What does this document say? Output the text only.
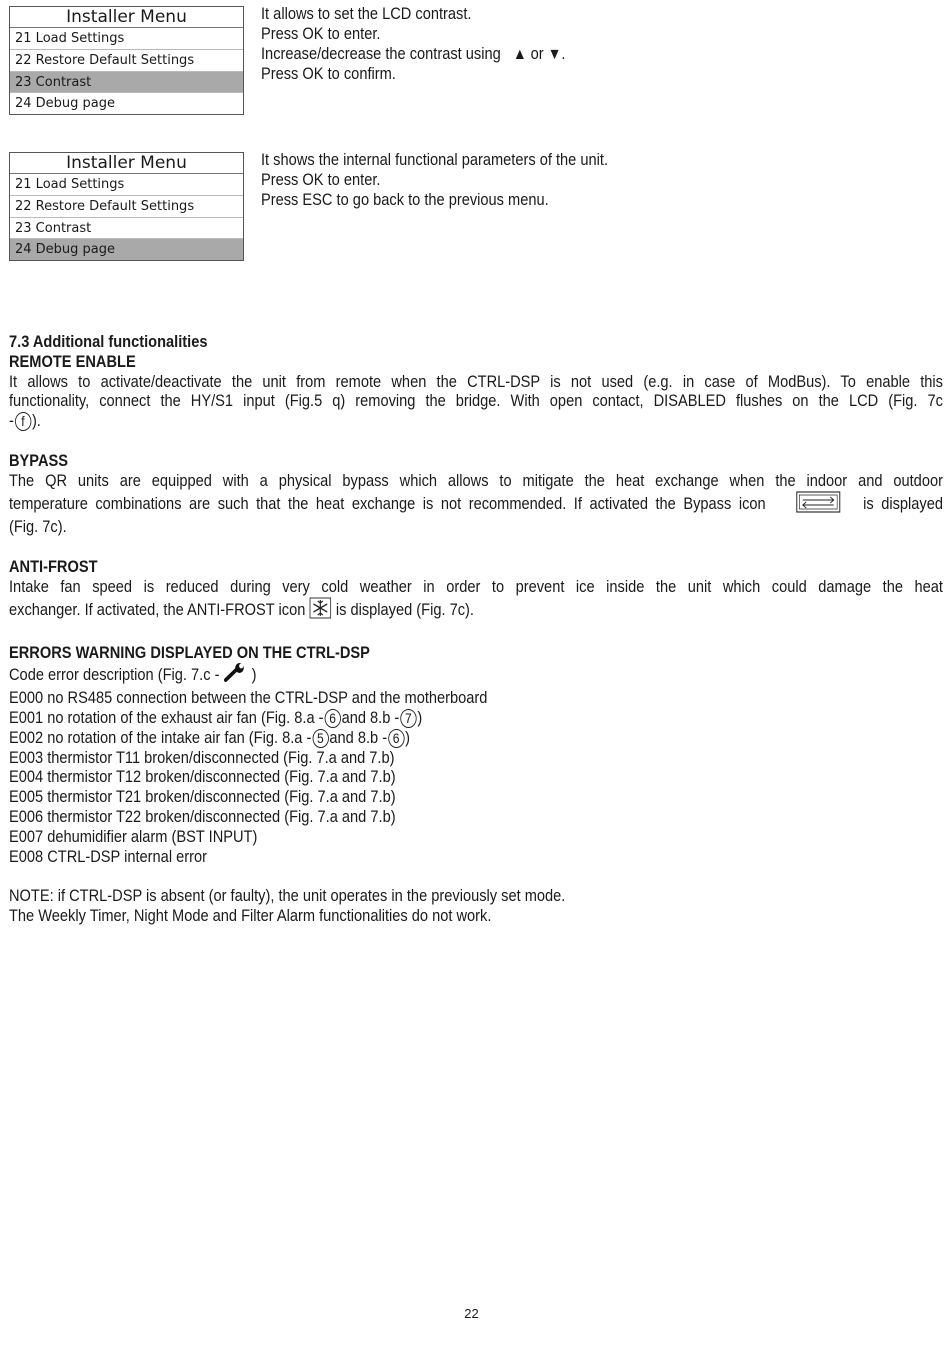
Installer Menu
21 Load Settings
22 Restore Default Settings
23 Contrast
24 Debug page
It allows to set the LCD contrast.
Press OK to enter.
Increase/decrease the contrast using ▲ or ▼.
Press OK to confirm.
Installer Menu
21 Load Settings
22 Restore Default Settings
23 Contrast
24 Debug page
It shows the internal functional parameters of the unit.
Press OK to enter.
Press ESC to go back to the previous menu.
7.3 Additional functionalities
REMOTE ENABLE
It allows to activate/deactivate the unit from remote when the CTRL-DSP is not used (e.g. in case of ModBus). To enable this
functionality, connect the HY/S1 input (Fig.5 q) removing the bridge. With open contact, DISABLED flushes on the LCD (Fig. 7c
- f ).
BYPASS
The QR units are equipped with a physical bypass which allows to mitigate the heat exchange when the indoor and outdoor
temperature combinations are such that the heat exchange is not recommended. If activated the Bypass icon	is displayed
(Fig. 7c).
ANTI-FROST
Intake fan speed is reduced during very cold weather in order to prevent ice inside the unit which could damage the heat
exchanger. If activated, the ANTI-FROST icon is displayed (Fig. 7c).
ERRORS WARNING DISPLAYED ON THE CTRL-DSP
Code error description (Fig. 7.c - )
E000 no RS485 connection between the CTRL-DSP and the motherboard
E001 no rotation of the exhaust air fan (Fig. 8.a - 6 and 8.b - 7 )
E002 no rotation of the intake air fan (Fig. 8.a - 5 and 8.b - 6 )
E003 thermistor T11 broken/disconnected (Fig. 7.a and 7.b)
E004 thermistor T12 broken/disconnected (Fig. 7.a and 7.b)
E005 thermistor T21 broken/disconnected (Fig. 7.a and 7.b)
E006 thermistor T22 broken/disconnected (Fig. 7.a and 7.b)
E007 dehumidifier alarm (BST INPUT)
E008 CTRL-DSP internal error
NOTE: if CTRL-DSP is absent (or faulty), the unit operates in the previously set mode.
The Weekly Timer, Night Mode and Filter Alarm functionalities do not work.
22
